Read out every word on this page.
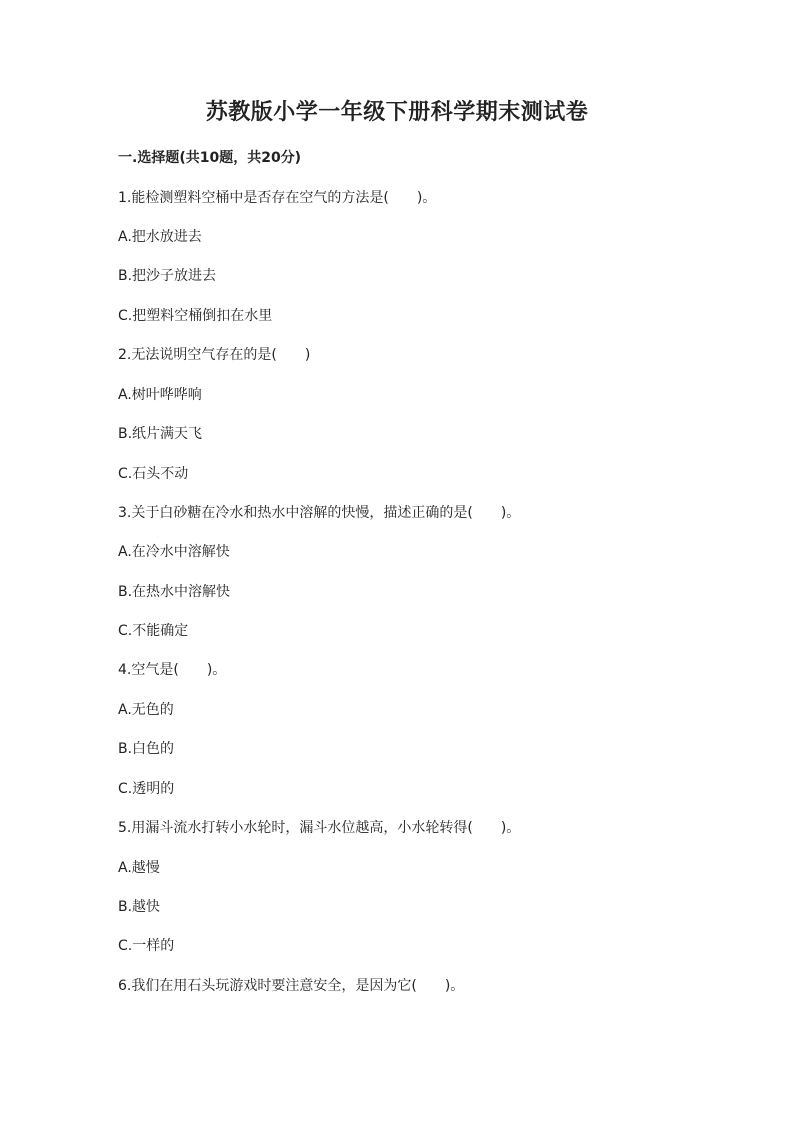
苏教版小学一年级下册科学期末测试卷
一.选择题(共10题，共20分)
1.能检测塑料空桶中是否存在空气的方法是(　　)。
A.把水放进去
B.把沙子放进去
C.把塑料空桶倒扣在水里
2.无法说明空气存在的是(　　)
A.树叶哗哗响
B.纸片满天飞
C.石头不动
3.关于白砂糖在冷水和热水中溶解的快慢，描述正确的是(　　)。
A.在冷水中溶解快
B.在热水中溶解快
C.不能确定
4.空气是(　　)。
A.无色的
B.白色的
C.透明的
5.用漏斗流水打转小水轮时，漏斗水位越高，小水轮转得(　　)。
A.越慢
B.越快
C.一样的
6.我们在用石头玩游戏时要注意安全，是因为它(　　)。
